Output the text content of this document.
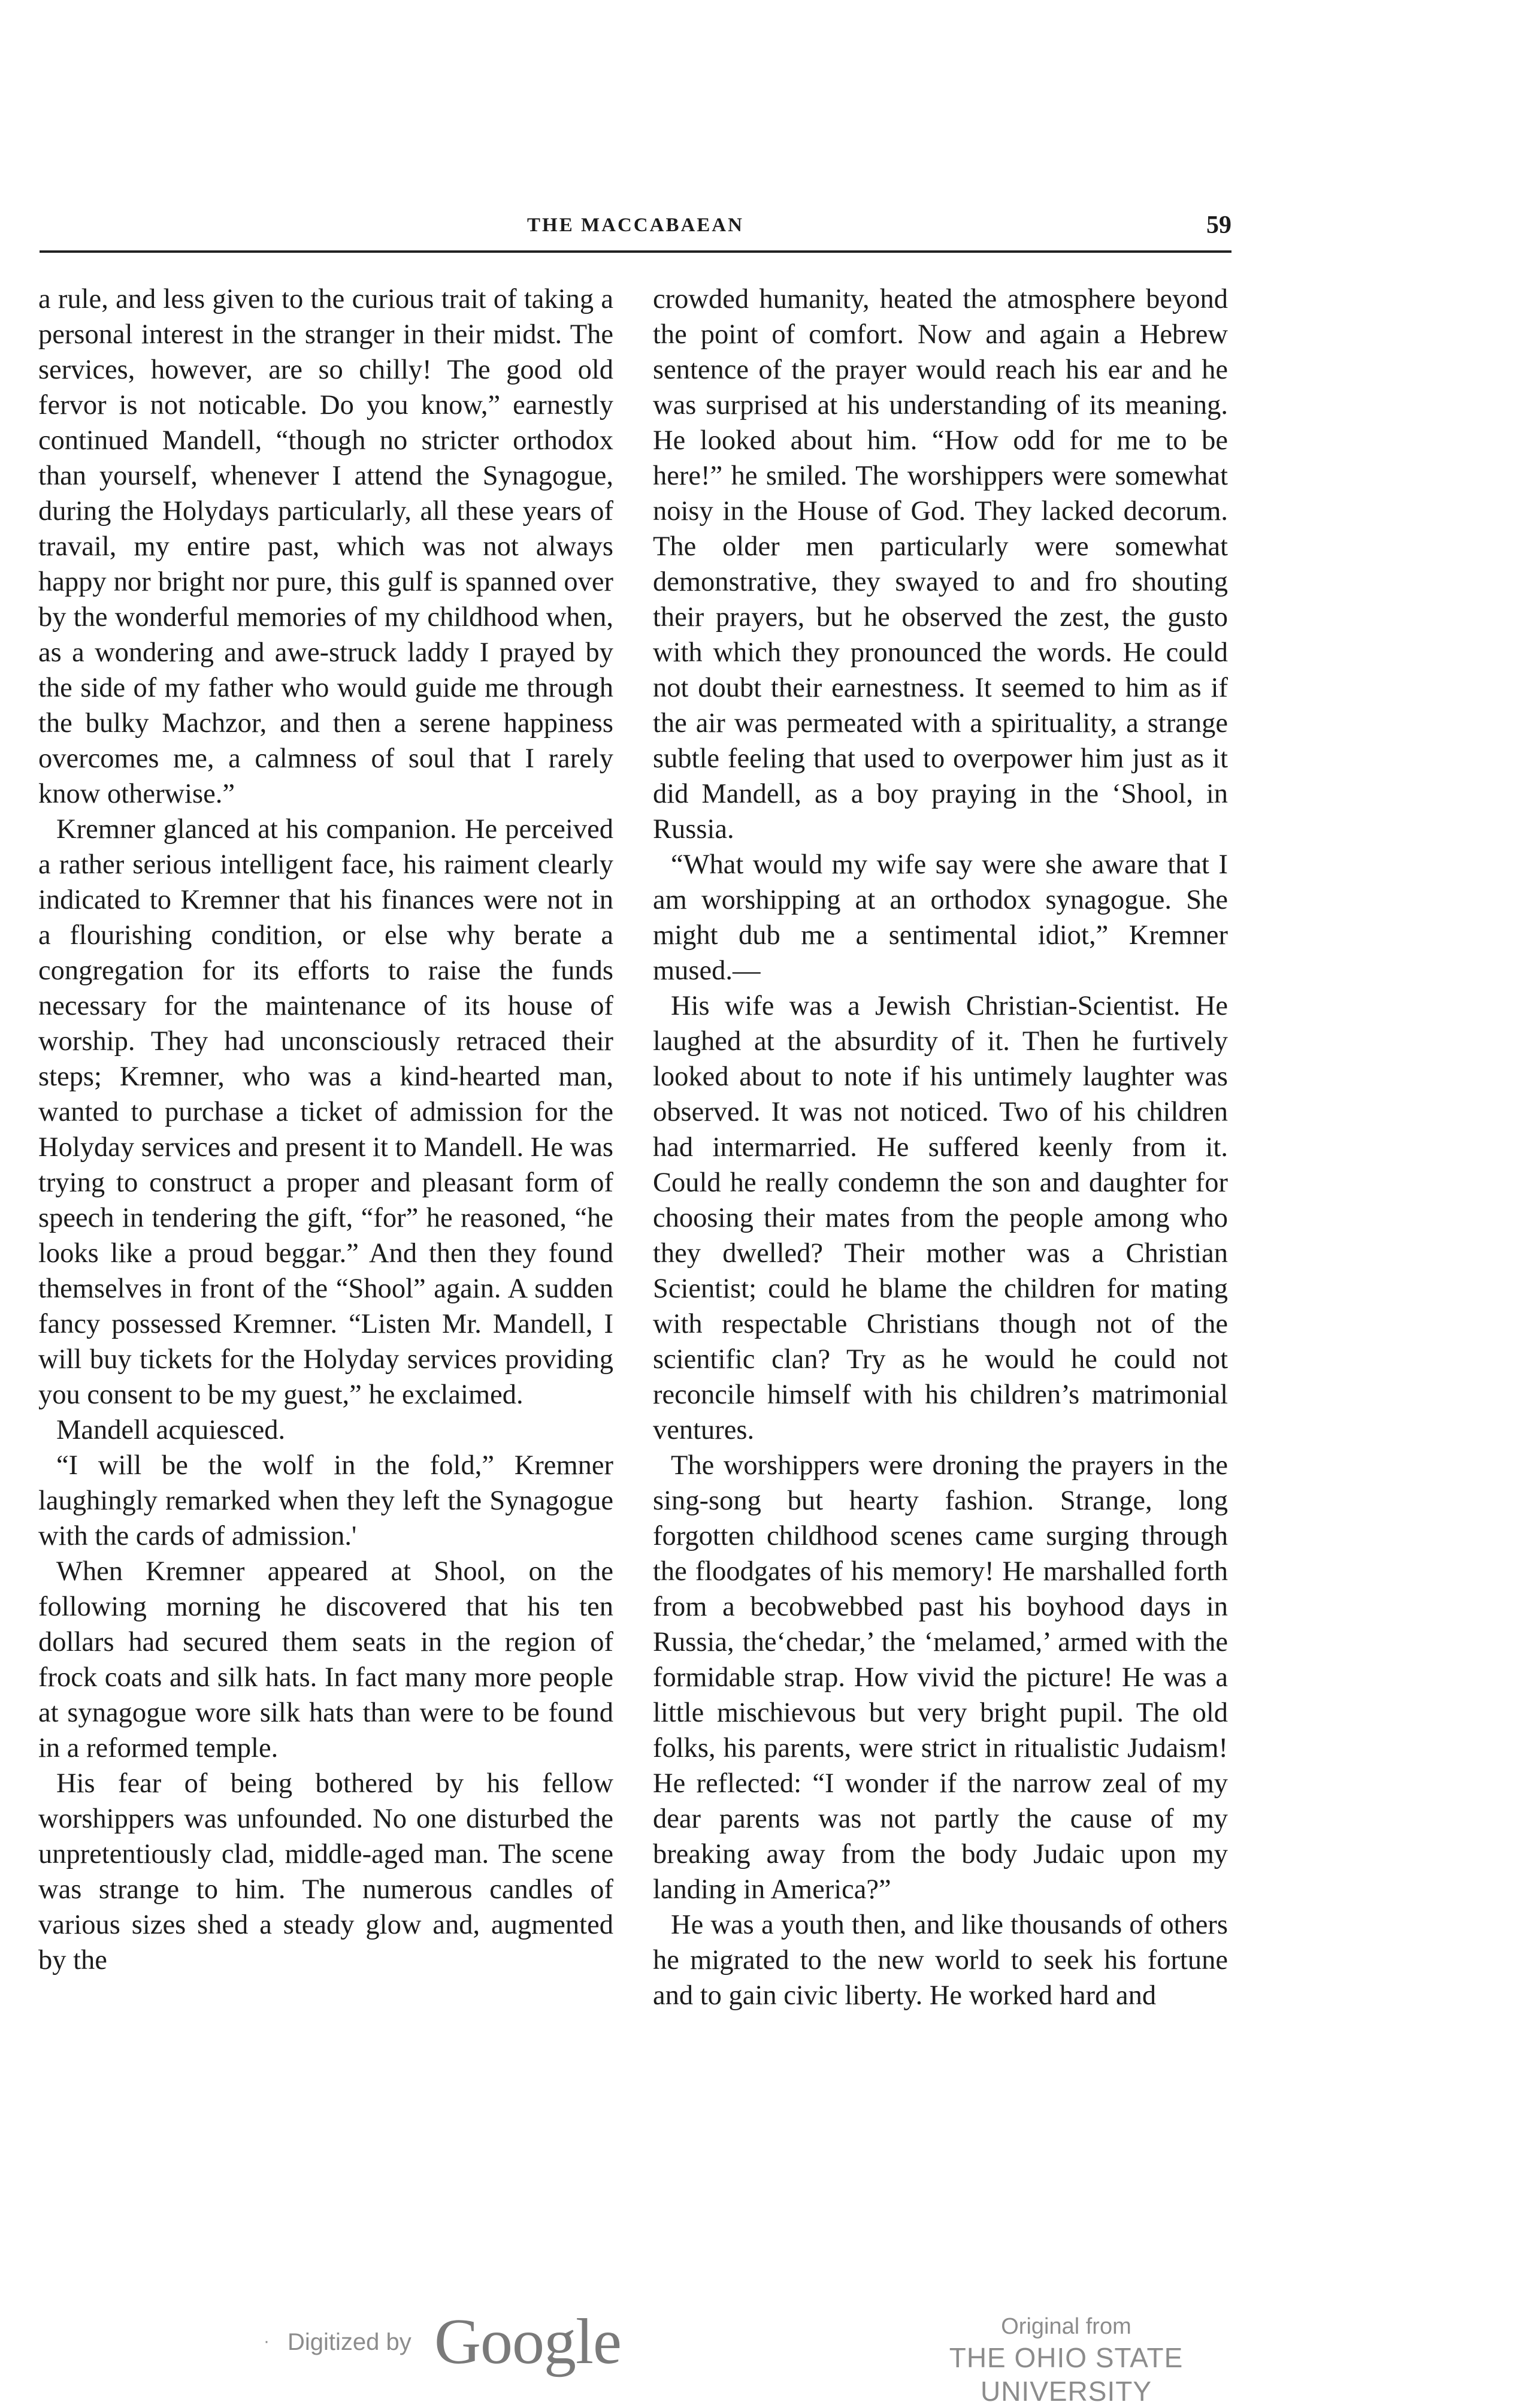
THE MACCABAEAN	59

a rule, and less given to the curious trait of taking a personal interest in the stranger in their midst. The services, however, are so chilly! The good old fervor is not noticable. Do you know,” earnestly continued Mandell, “though no stricter orthodox than yourself, whenever I attend the Synagogue, during the Holydays particularly, all these years of travail, my entire past, which was not always happy nor bright nor pure, this gulf is spanned over by the wonderful memories of my childhood when, as a wondering and awe-struck laddy I prayed by the side of my father who would guide me through the bulky Machzor, and then a serene happiness overcomes me, a calmness of soul that I rarely know otherwise.”

Kremner glanced at his companion. He perceived a rather serious intelligent face, his raiment clearly indicated to Kremner that his finances were not in a flourishing condition, or else why berate a congregation for its efforts to raise the funds necessary for the maintenance of its house of worship. They had unconsciously retraced their steps; Kremner, who was a kind-hearted man, wanted to purchase a ticket of admission for the Holyday services and present it to Mandell. He was trying to construct a proper and pleasant form of speech in tendering the gift, “for” he reasoned, “he looks like a proud beggar.” And then they found themselves in front of the “Shool” again. A sudden fancy possessed Kremner. “Listen Mr. Mandell, I will buy tickets for the Holyday services providing you consent to be my guest,” he exclaimed.

Mandell acquiesced.

“I will be the wolf in the fold,” Kremner laughingly remarked when they left the Synagogue with the cards of admission.'

When Kremner appeared at Shool, on the following morning he discovered that his ten dollars had secured them seats in the region of frock coats and silk hats. In fact many more people at synagogue wore silk hats than were to be found in a reformed temple.

His fear of being bothered by his fellow worshippers was unfounded. No one disturbed the unpretentiously clad, middle-aged man. The scene was strange to him. The numerous candles of various sizes shed a steady glow and, augmented by the

crowded humanity, heated the atmosphere beyond the point of comfort. Now and again a Hebrew sentence of the prayer would reach his ear and he was surprised at his understanding of its meaning. He looked about him. “How odd for me to be here!” he smiled. The worshippers were somewhat noisy in the House of God. They lacked decorum. The older men particularly were somewhat demonstrative, they swayed to and fro shouting their prayers, but he observed the zest, the gusto with which they pronounced the words. He could not doubt their earnestness. It seemed to him as if the air was permeated with a spirituality, a strange subtle feeling that used to overpower him just as it did Mandell, as a boy praying in the ‘Shool, in Russia.

“What would my wife say were she aware that I am worshipping at an orthodox synagogue. She might dub me a sentimental idiot,” Kremner mused.—

His wife was a Jewish Christian-Scientist. He laughed at the absurdity of it. Then he furtively looked about to note if his untimely laughter was observed. It was not noticed. Two of his children had intermarried. He suffered keenly from it. Could he really condemn the son and daughter for choosing their mates from the people among who they dwelled? Their mother was a Christian Scientist; could he blame the children for mating with respectable Christians though not of the scientific clan? Try as he would he could not reconcile himself with his children’s matrimonial ventures.

The worshippers were droning the prayers in the sing-song but hearty fashion. Strange, long forgotten childhood scenes came surging through the floodgates of his memory! He marshalled forth from a becobwebbed past his boyhood days in Russia, the‘chedar,’ the ‘melamed,’ armed with the formidable strap. How vivid the picture! He was a little mischievous but very bright pupil. The old folks, his parents, were strict in ritualistic Judaism! He reflected: “I wonder if the narrow zeal of my dear parents was not partly the cause of my breaking away from the body Judaic upon my landing in America?”

He was a youth then, and like thousands of others he migrated to the new world to seek his fortune and to gain civic liberty. He worked hard and

· Digitized by Google	Original from
THE OHIO STATE UNIVERSITY
